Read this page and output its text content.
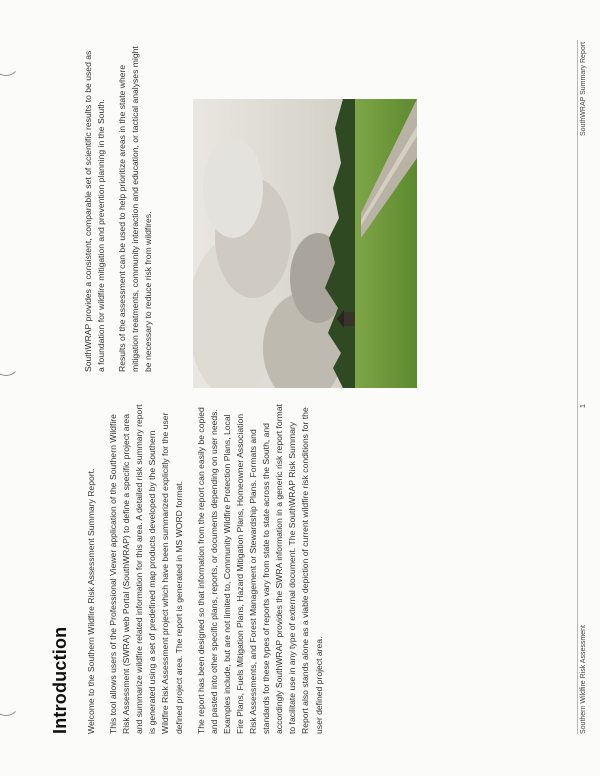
Southern Wildfire Risk Assessment
1
SouthWRAP Summary Report
Introduction Welcome to the Southern Wildfire Risk Assessment Summary Report. This tool allows users of the Professional Viewer application of the Southern Wildfire Risk Assessment (SWRA) web Portal (SouthWRAP) to define a specific project area and summarize wildfire related information for this area. A detailed risk summary report is generated using a set of predefined map products developed by the Southern Wildfire Risk Assessment project which have been summarized explicitly for the user defined project area. The report is generated in MS WORD format. The report has been designed so that information from the report can easily be copied and pasted into other specific plans, reports, or documents depending on user needs. Examples include, but are not limited to, Community Wildfire Protection Plans, Local Fire Plans, Fuels Mitigation Plans, Hazard Mitigation Plans, Homeowner Association Risk Assessments, and Forest Management or Stewardship Plans. Formats and standards for these types of reports vary from state to state across the South, and accordingly SouthWRAP provides the SWRA information in a generic risk report format to facilitate use in any type of external document. The SouthWRAP Risk Summary Report also stands alone as a viable depiction of current wildfire risk conditions for the user defined project area.

SouthWRAP provides a consistent, comparable set of scientific results to be used as a foundation for wildfire mitigation and prevention planning in the South. Results of the assessment can be used to help prioritize areas in the state where mitigation treatments, community interaction and education, or tactical analyses might be necessary to reduce risk from wildfires.
